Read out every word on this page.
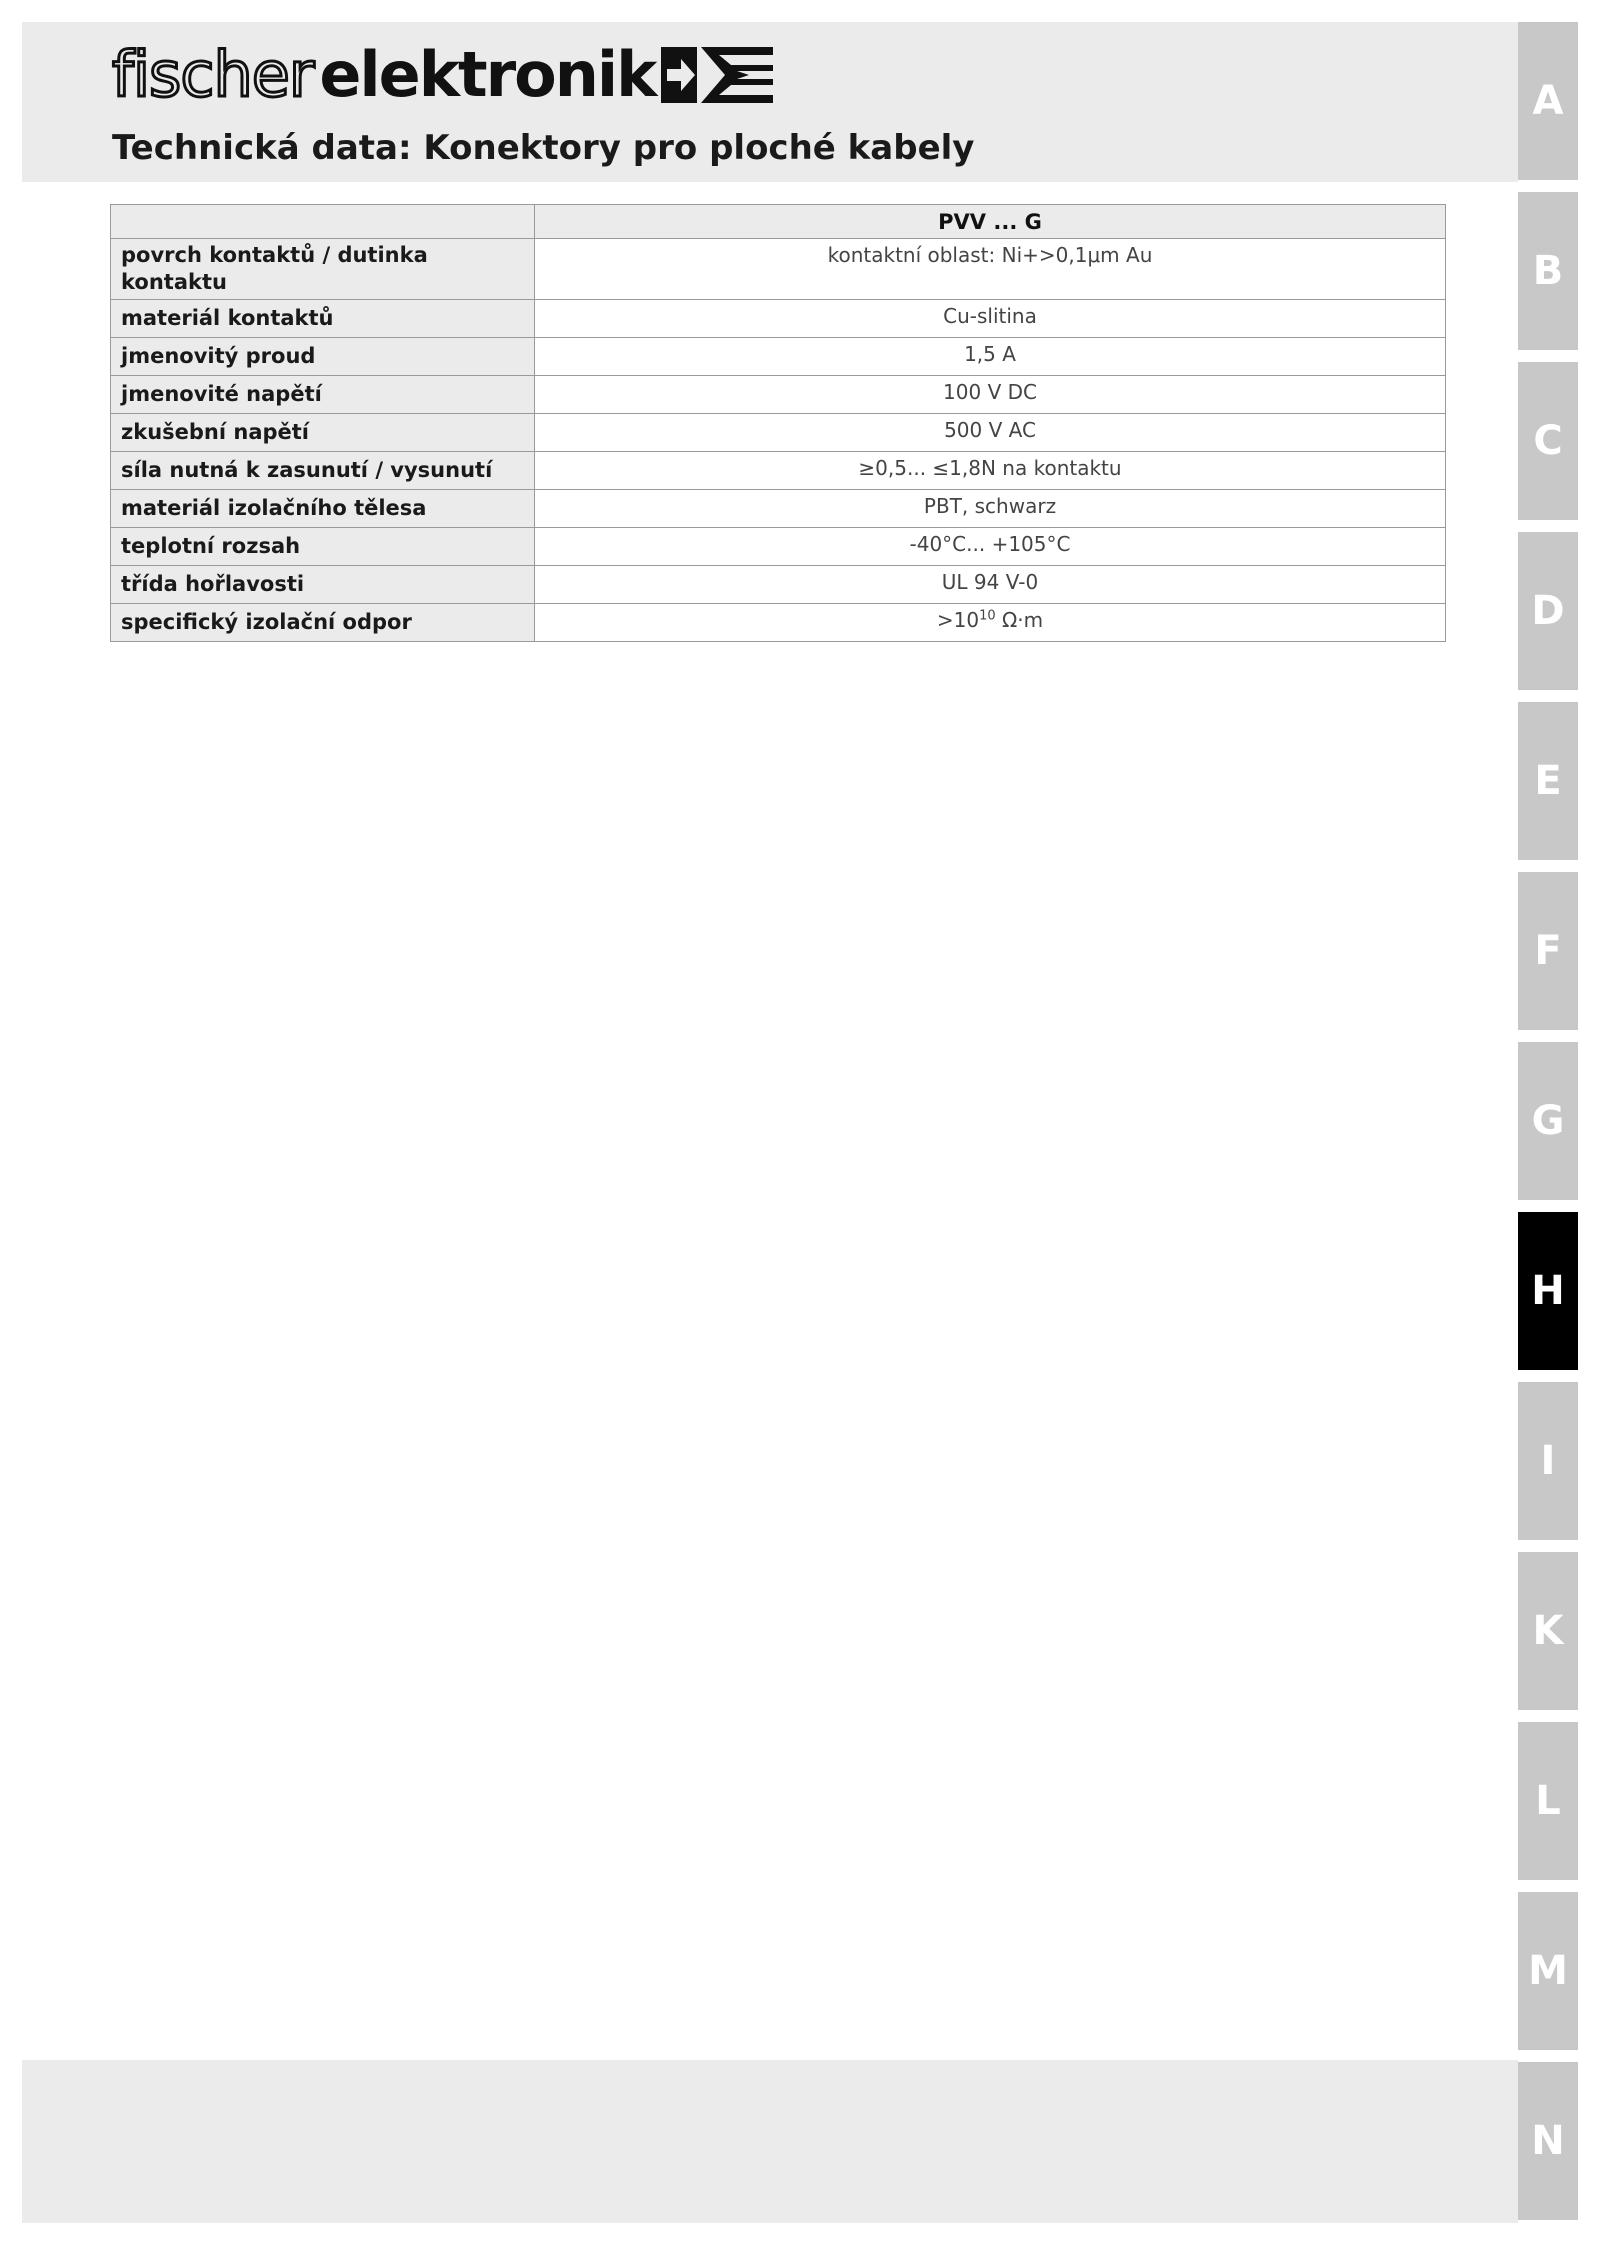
fischer elektronik
Technická data: Konektory pro ploché kabely
	PVV ... G
povrch kontaktů / dutinka kontaktu	kontaktní oblast: Ni+>0,1μm Au
materiál kontaktů	Cu-slitina
jmenovitý proud	1,5 A
jmenovité napětí	100 V DC
zkušební napětí	500 V AC
síla nutná k zasunutí / vysunutí	≥0,5... ≤1,8N na kontaktu
materiál izolačního tělesa	PBT, schwarz
teplotní rozsah	-40°C... +105°C
třída hořlavosti	UL 94 V-0
specifický izolační odpor	$>10^{10}$ Ω·m
A
B
C
D
E
F
G
H
I
K
L
M
N
